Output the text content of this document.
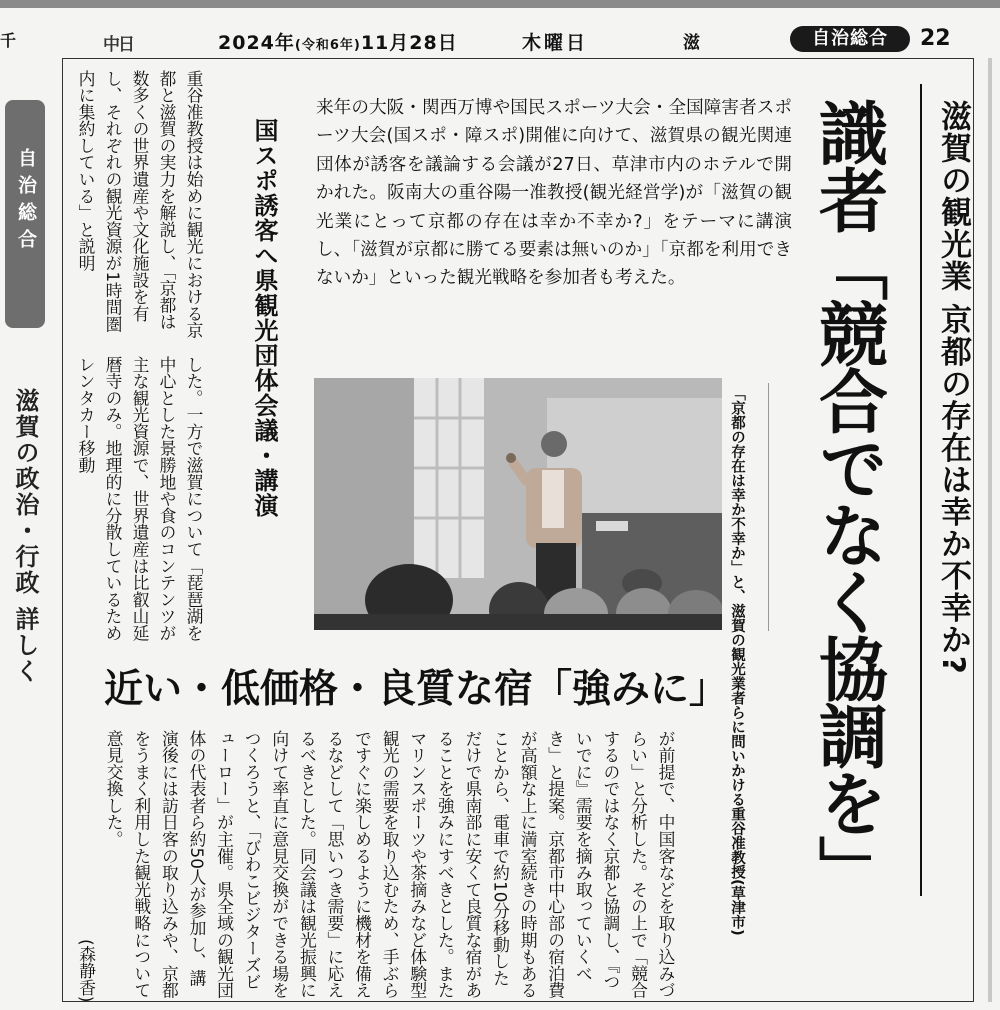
千	中日	2024年(令和6年)11月28日	木曜日	滋	自治総合	22
滋賀の観光業 京都の存在は幸か不幸か?
識者「競合でなく協調を」
来年の大阪・関西万博や国民スポーツ大会・全国障害者スポーツ大会(国スポ・障スポ)開催に向けて、滋賀県の観光関連団体が誘客を議論する会議が27日、草津市内のホテルで開かれた。阪南大の重谷陽一准教授(観光経営学)が「滋賀の観光業にとって京都の存在は幸か不幸か?」をテーマに講演し、「滋賀が京都に勝てる要素は無いのか」「京都を利用できないか」といった観光戦略を参加者も考えた。
「京都の存在は幸か不幸か」と、滋賀の観光業者らに問いかける重谷准教授(草津市)
国スポ誘客へ県観光団体会議・講演
重谷准教授は始めに観光における京都と滋賀の実力を解説し、「京都は数多くの世界遺産や文化施設を有し、それぞれの観光資源が1時間圏内に集約している」と説明
した。一方で滋賀について「琵琶湖を中心とした景勝地や食のコンテンツが主な観光資源で、世界遺産は比叡山延暦寺のみ。地理的に分散しているためレンタカー移動
近い・低価格・良質な宿「強みに」
が前提で、中国客などを取り込みづらい」と分析した。その上で「競合するのではなく京都と協調し、『ついでに』需要を摘み取っていくべき」と提案。京都市中心部の宿泊費が高額な上に満室続きの時期もあることから、電車で約10分移動しただけで県南部に安くて良質な宿があることを強みにすべきとした。またマリンスポーツや茶摘みなど体験型観光の需要を取り込むため、手ぶらですぐに楽しめるように機材を備えるなどして「思いつき需要」に応えるべきとした。同会議は観光振興に向けて率直に意見交換ができる場をつくろうと、「びわこビジターズビューロー」が主催。県全域の観光団体の代表者ら約50人が参加し、講演後には訪日客の取り込みや、京都をうまく利用した観光戦略について意見交換した。
(森静香)
自治総合
滋賀の政治・行政 詳しく
